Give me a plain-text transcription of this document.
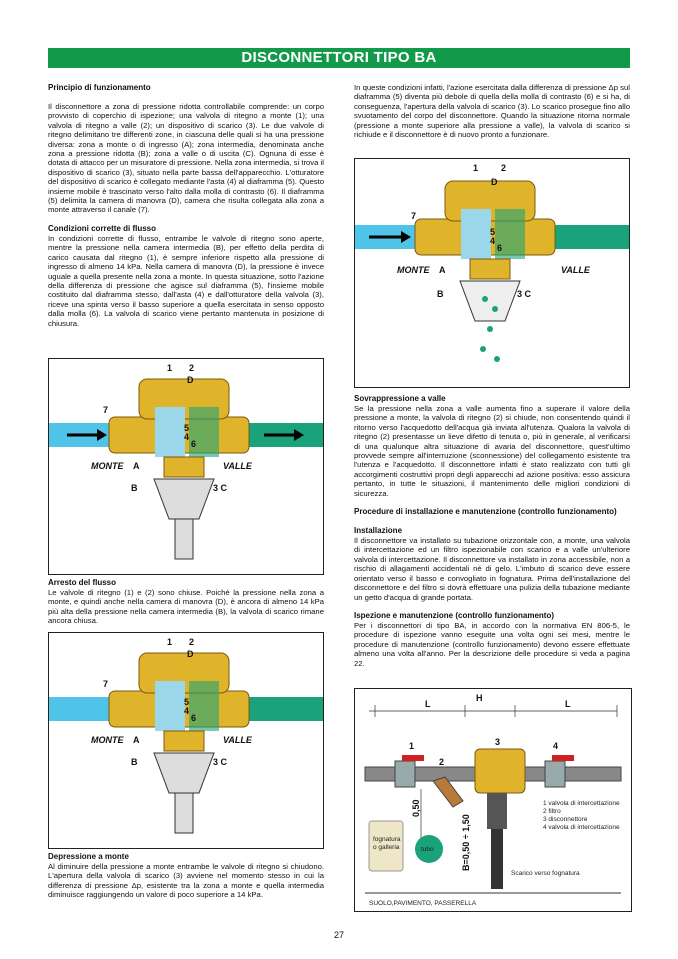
DISCONNETTORI TIPO BA

Principio di funzionamento

Il disconnettore a zona di pressione ridotta controllabile comprende: un corpo provvisto di coperchio di ispezione; una valvola di ritegno a monte (1); una valvola di ritegno a valle (2); un dispositivo di scarico (3). Le due valvole di ritegno delimitano tre differenti zone, in ciascuna delle quali si ha una pressione diversa: zona a monte o di ingresso (A); zona intermedia, denominata anche zona a pressione ridotta (B); zona a valle o di uscita (C). Ognuna di esse è dotata di attacco per un misuratore di pressione. Nella zona intermedia, si trova il dispositivo di scarico (3), situato nella parte bassa dell'apparecchio. L'otturatore del dispositivo di scarico è collegato mediante l'asta (4) al diaframma (5). Questo insieme mobile è trascinato verso l'alto dalla molla di contrasto (6). Il diaframma (5) delimita la camera di manovra (D), camera che risulta collegata alla zona a monte attraverso il canale (7).

Condizioni corrette di flusso

In condizioni corrette di flusso, entrambe le valvole di ritegno sono aperte, mentre la pressione nella camera intermedia (B), per effetto della perdita di carico causata dal ritegno (1), è sempre inferiore rispetto alla pressione di ingresso di almeno 14 kPa. Nella camera di manovra (D), la pressione è invece uguale a quella presente nella zona a monte. In questa situazione, sotto l'azione della differenza di pressione che agisce sul diaframma (5), l'insieme mobile costituito dal diaframma stesso, dall'asta (4) e dall'otturatore della valvola (3), riceve una spinta verso il basso superiore a quella esercitata in senso opposto dalla molla (6). La valvola di scarico viene pertanto mantenuta in posizione di chiusura.

1 2
D
7
5
4
6
MONTE A	VALLE
B	3 C

Arresto del flusso

Le valvole di ritegno (1) e (2) sono chiuse. Poiché la pressione nella zona a monte, e quindi anche nella camera di manovra (D), è ancora di almeno 14 kPa più alta della pressione nella camera intermedia (B), la valvola di scarico rimane ancora chiusa.

1 2
D
7
5
4
6
MONTE A	VALLE
B	3 C

Depressione a monte

Al diminuire della pressione a monte entrambe le valvole di ritegno si chiudono. L'apertura della valvola di scarico (3) avviene nel momento stesso in cui la differenza di pressione Δp, esistente tra la zona a monte e quella intermedia diminuisce raggiungendo un valore di poco superiore a 14 kPa.

In queste condizioni infatti, l'azione esercitata dalla differenza di pressione Δp sul diaframma (5) diventa più debole di quella della molla di contrasto (6) e si ha, di conseguenza, l'apertura della valvola di scarico (3). Lo scarico prosegue fino allo svuotamento del corpo del disconnettore. Quando la situazione ritorna normale (pressione a monte superiore alla pressione a valle), la valvola di scarico si richiude e il disconnettore è di nuovo pronto a funzionare.

1	2
D
7
5
4
6
MONTE A	VALLE
B	3 C

Sovrappressione a valle

Se la pressione nella zona a valle aumenta fino a superare il valore della pressione a monte, la valvola di ritegno (2) si chiude, non consentendo quindi il ritorno verso l'acquedotto dell'acqua già inviata all'utenza. Qualora la valvola di ritegno (2) presentasse un lieve difetto di tenuta o, più in generale, al verificarsi di una qualunque altra situazione di avaria del disconnettore, quest'ultimo provvede sempre all'interruzione (sconnessione) del collegamento esistente tra l'utenza e l'acquedotto. Il disconnettore infatti è stato realizzato con tutti gli accorgimenti costruttivi propri degli apparecchi ad azione positiva: esso assicura pertanto, in tutte le situazioni, il mantenimento delle migliori condizioni di sicurezza.

Procedure di installazione e manutenzione (controllo funzionamento)

Installazione

Il disconnettore va installato su tubazione orizzontale con, a monte, una valvola di intercettazione ed un filtro ispezionabile con scarico e a valle un'ulteriore valvola di intercettazione. Il disconnettore va installato in zona accessibile, non a rischio di allagamenti accidentali né di gelo. L'imbuto di scarico deve essere orientato verso il basso e convogliato in fognatura. Prima dell'installazione del disconnettore e del filtro si dovrà effettuare una pulizia della tubazione mediante un getto d'acqua di grande portata.

Ispezione e manutenzione (controllo funzionamento)

Per i disconnettori di tipo BA, in accordo con la normativa EN 806-5, le procedure di ispezione vanno eseguite una volta ogni sei mesi, mentre le procedure di manutenzione (controllo funzionamento) devono essere effettuate almeno una volta all'anno. Per la descrizione delle procedure si veda a pagina 22.

L	L
H
1
2
3	4
1 valvola di intercettazione
2 filtro
3 disconnettore
4 valvola di intercettazione
0,50
B=0,50 ÷ 1,50
fognatura
o galleria	tubo
Scarico verso fognatura
SUOLO,PAVIMENTO, PASSERELLA
27
